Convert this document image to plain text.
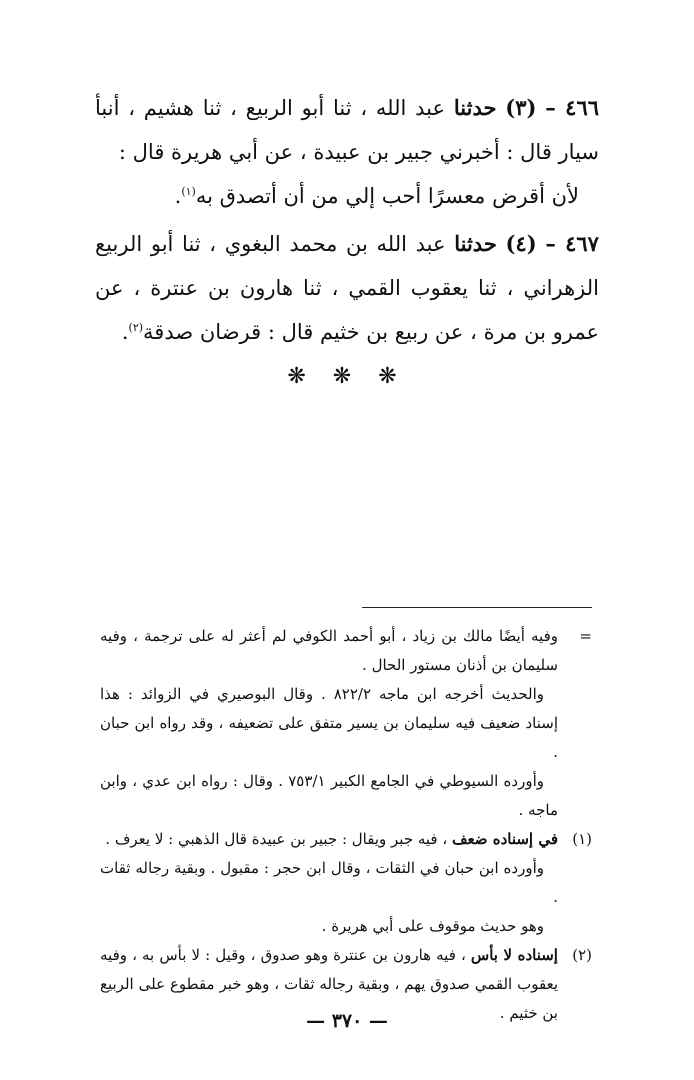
٤٦٦ – (٣) حدثنا عبد الله ، ثنا أبو الربيع ، ثنا هشيم ، أنبأ سيار قال : أخبرني جبير بن عبيدة ، عن أبي هريرة قال :
لأن أقرض معسرًا أحب إلي من أن أتصدق به$^{(١)}$.

٤٦٧ – (٤) حدثنا عبد الله بن محمد البغوي ، ثنا أبو الربيع الزهراني ، ثنا يعقوب القمي ، ثنا هارون بن عنترة ، عن عمرو بن مرة ، عن ربيع بن خثيم قال : قرضان صدقة$^{(٢)}$.

❋ ❋ ❋

=
وفيه أيضًا مالك بن زياد ، أبو أحمد الكوفي لم أعثر له على ترجمة ، وفيه سليمان بن أذنان مستور الحال .

والحديث أخرجه ابن ماجه ٨٢٢/٢ . وقال البوصيري في الزوائد : هذا إسناد ضعيف فيه سليمان بن يسير متفق على تضعيفه ، وقد رواه ابن حبان .

وأورده السيوطي في الجامع الكبير ٧٥٣/١ . وقال : رواه ابن عدي ، وابن ماجه .

(١)
في إسناده ضعف ، فيه جبر ويقال : جبير بن عبيدة قال الذهبي : لا يعرف .

وأورده ابن حبان في الثقات ، وقال ابن حجر : مقبول . وبقية رجاله ثقات .

وهو حديث موقوف على أبي هريرة .

(٢)
إسناده لا بأس ، فيه هارون بن عنترة وهو صدوق ، وقيل : لا بأس به ، وفيه يعقوب القمي صدوق يهم ، وبقية رجاله ثقات ، وهو خبر مقطوع على الربيع بن خثيم .

— ٣٧٠ —
